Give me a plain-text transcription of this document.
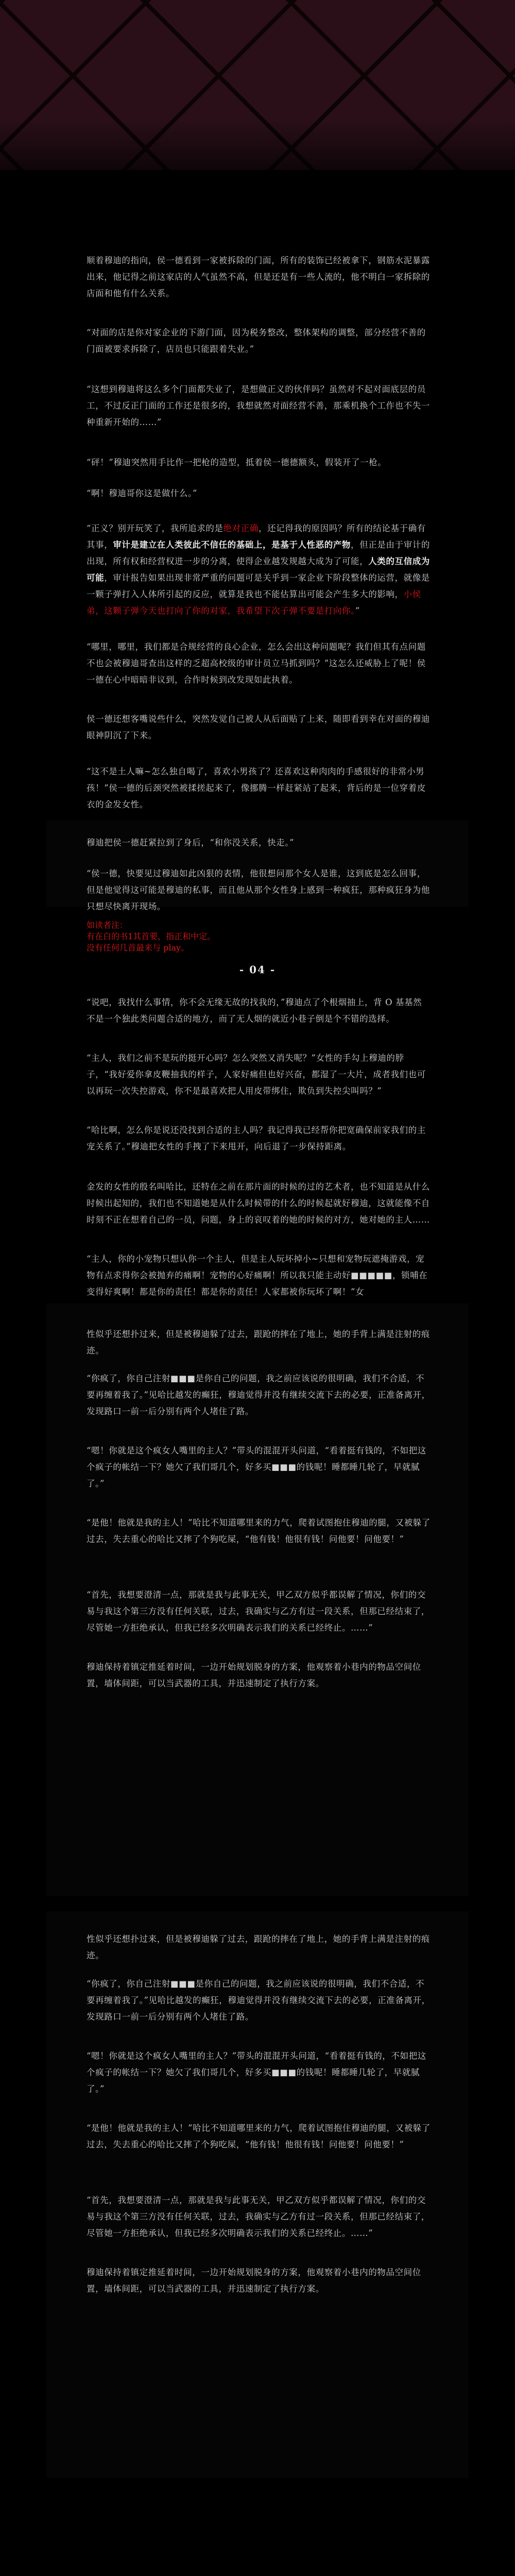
顺着穆迪的指向，侯一德看到一家被拆除的门面，所有的装饰已经被拿下，钢筋水泥暴露出来，他记得之前这家店的人气虽然不高，但是还是有一些人流的，他不明白一家拆除的店面和他有什么关系。

“对面的店是你对家企业的下游门面，因为税务整改，整体架构的调整，部分经营不善的门面被要求拆除了，店员也只能跟着失业。”

“这想到穆迪将这么多个门面都失业了，是想做正义的伙伴吗？虽然对不起对面底层的员工，不过反正门面的工作还是很多的，我想就然对面经营不善，那乘机换个工作也不失一种重新开始的……”

“砰！”穆迪突然用手比作一把枪的造型，抵着侯一德德额头，假装开了一枪。

“啊！穆迪哥你这是做什么。”

“正义？别开玩笑了，我所追求的是绝对正确，还记得我的原因吗？所有的结论基于确有其事，审计是建立在人类彼此不信任的基础上，是基于人性恶的产物，但正是由于审计的出现，所有权和经营权进一步的分离，使得企业越发规越大成为了可能，人类的互信成为可能，审计报告如果出现非常严重的问题可是关乎到一家企业下阶段整体的运营，就像是一颗子弹打入人体所引起的反应，就算是我也不能估算出可能会产生多大的影响，小侯弟，这颗子弹今天也打向了你的对家，我希望下次子弹不要是打向你。”

“哪里，哪里，我们都是合规经营的良心企业，怎么会出这种问题呢？我们但其有点问题不也会被穆迪哥查出这样的乏超高校级的审计员立马抓到吗？”这怎么还威胁上了呢！侯一德在心中暗暗非议到，合作时候到改发现如此执着。

侯一德还想客嘴说些什么，突然发觉自己被人从后面贴了上来，随即看到幸在对面的穆迪眼神阴沉了下来。

“这不是土人嘛~怎么独自喝了，喜欢小男孩了？还喜欢这种肉肉的手感很好的非常小男孩！”侯一德的后颈突然被揉搓起来了，像挪腾一样赶紧站了起来，背后的是一位穿着皮衣的金发女性。

穆迪把侯一德赶紧拉到了身后，“和你没关系，快走。”

“侯一德，快要见过穆迪如此凶狠的表情，他很想问那个女人是谁，这到底是怎么回事，但是他觉得这可能是穆迪的私事，而且他从那个女性身上感到一种疯狂，那种疯狂身为他只想尽快离开现场。

如读者注：
有在白的书1其首要，指正和中定。
没有任何几首最来与 play。
- 04 -

“说吧，我找什么事情，你不会无缘无故的找我的，”穆迪点了个根烟抽上，背 O 基基然不是一个独此类问题合适的地方，而了无人烟的就近小巷子倒是个不错的选择。

“主人，我们之前不是玩的挺开心吗？怎么突然又消失呢？”女性的手勾上穆迪的脖子，“我好爱你拿皮鞭抽我的样子，人家好痛但也好兴奋，都湿了一大片，成者我们也可以再玩一次失控游戏，你不是最喜欢把人用皮带绑住，欺负到失控尖叫吗？”

“哈比啊，怎么你是说还没找到合适的主人吗？我记得我已经帮你把宽确保前家我们的主宠关系了。”穆迪把女性的手拽了下来甩开，向后退了一步保持距离。

金发的女性的殷名叫哈比，还特在之前在那片面的时候的过的艺术者，也不知道是从什么时候出起知的，我们也不知道她是从什么时候带的什么的时候起就好穆迪，这就能像不自时刻不正在想着自己的一员，问题，身上的哀叹着的她的时候的对方，她对她的主人……

“主人，你的小宠物只想认你一个主人，但是主人玩坏掉小~只想和宠物玩遮掩游戏，宠物有点求得你会被抛弃的痛啊！宠物的心好痛啊！所以我只能主动好■■■■■，锁哺在变得好爽啊！都是你的责任！都是你的责任！人家都被你玩坏了啊！”女

性似乎还想扑过来，但是被穆迪躲了过去，跟跄的摔在了地上，她的手背上满是注射的痕迹。

“你疯了，你自己注射■■■是你自己的问题，我之前应该说的很明确，我们不合适，不要再缠着我了。”见哈比越发的癫狂，穆迪觉得并没有继续交流下去的必要，正准备离开，发现路口一前一后分别有两个人堵住了路。

“嗯！你就是这个疯女人嘴里的主人？”带头的混混开头问道，“看着挺有钱的，不如把这个疯子的帐结一下？她欠了我们哥几个，好多买■■■的钱呢！睡都睡几轮了，早就腻了。”

“是他！他就是我的主人！”哈比不知道哪里来的力气，爬着试图抱住穆迪的腿，又被躲了过去，失去重心的哈比又摔了个狗吃屎，“他有钱！他很有钱！问他要！问他要！”

“首先，我想要澄清一点，那就是我与此事无关，甲乙双方似乎都误解了情况，你们的交易与我这个第三方没有任何关联，过去，我确实与乙方有过一段关系，但那已经结束了，尽管她一方拒绝承认，但我已经多次明确表示我们的关系已经终止。……”

穆迪保持着镇定推延着时间，一边开始规划脱身的方案，他观察着小巷内的物品空间位置，墙体间距，可以当武器的工具，并迅速制定了执行方案。

性似乎还想扑过来，但是被穆迪躲了过去，跟跄的摔在了地上，她的手背上满是注射的痕迹。

“你疯了，你自己注射■■■是你自己的问题，我之前应该说的很明确，我们不合适，不要再缠着我了。”见哈比越发的癫狂，穆迪觉得并没有继续交流下去的必要，正准备离开，发现路口一前一后分别有两个人堵住了路。

“嗯！你就是这个疯女人嘴里的主人？”带头的混混开头问道，“看着挺有钱的，不如把这个疯子的帐结一下？她欠了我们哥几个，好多买■■■的钱呢！睡都睡几轮了，早就腻了。”

“是他！他就是我的主人！”哈比不知道哪里来的力气，爬着试图抱住穆迪的腿，又被躲了过去，失去重心的哈比又摔了个狗吃屎，“他有钱！他很有钱！问他要！问他要！”

“首先，我想要澄清一点，那就是我与此事无关，甲乙双方似乎都误解了情况，你们的交易与我这个第三方没有任何关联，过去，我确实与乙方有过一段关系，但那已经结束了，尽管她一方拒绝承认，但我已经多次明确表示我们的关系已经终止。……”

穆迪保持着镇定推延着时间，一边开始规划脱身的方案，他观察着小巷内的物品空间位置，墙体间距，可以当武器的工具，并迅速制定了执行方案。
